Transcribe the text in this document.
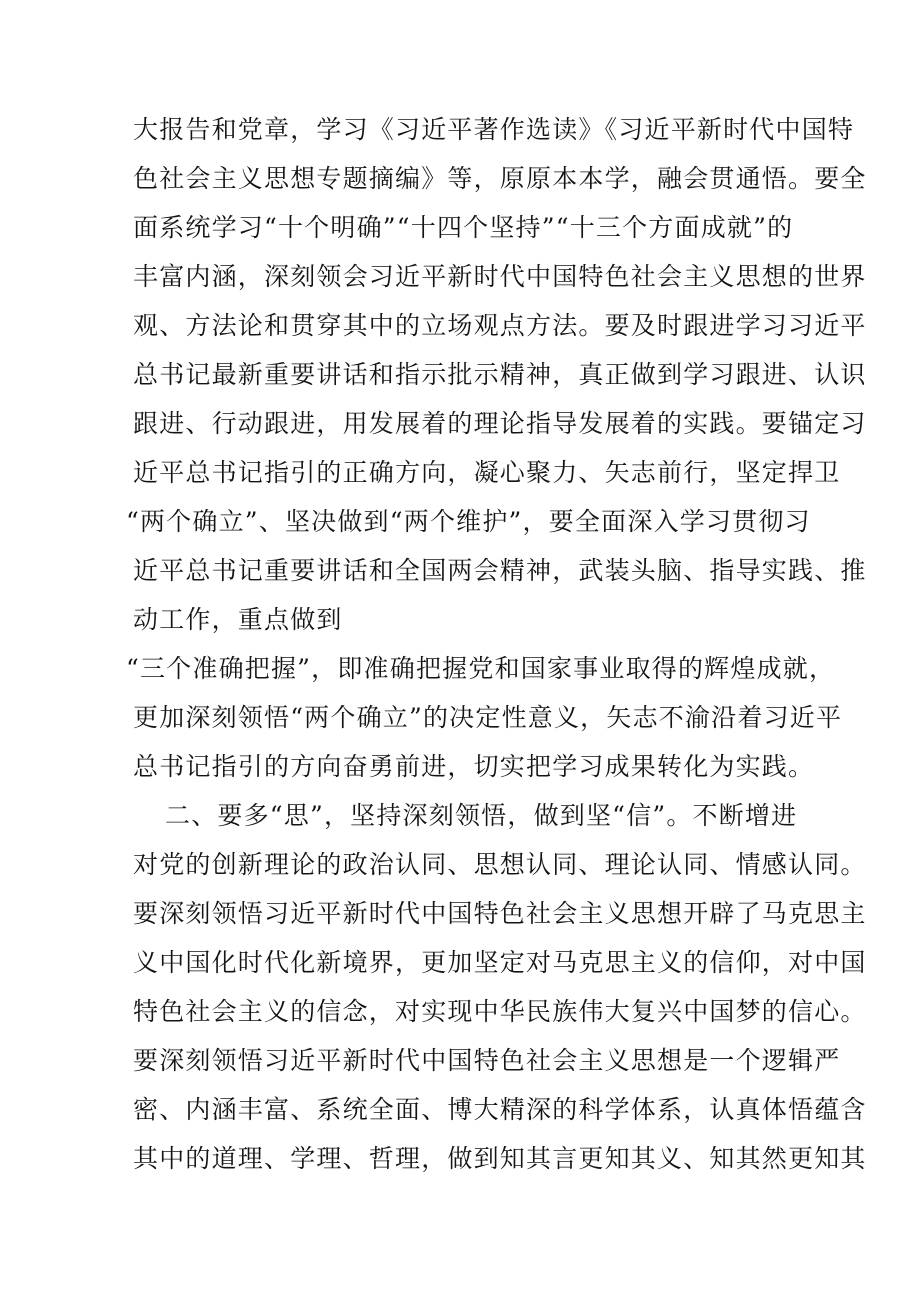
大报告和党章，学习《习近平著作选读》《习近平新时代中国特
色社会主义思想专题摘编》等，原原本本学，融会贯通悟。要全
面系统学习“十个明确”“十四个坚持”“十三个方面成就”的
丰富内涵，深刻领会习近平新时代中国特色社会主义思想的世界
观、方法论和贯穿其中的立场观点方法。要及时跟进学习习近平
总书记最新重要讲话和指示批示精神，真正做到学习跟进、认识
跟进、行动跟进，用发展着的理论指导发展着的实践。要锚定习
近平总书记指引的正确方向，凝心聚力、矢志前行，坚定捍卫
“两个确立”、坚决做到“两个维护”，要全面深入学习贯彻习
近平总书记重要讲话和全国两会精神，武装头脑、指导实践、推
动工作，重点做到
“三个准确把握”，即准确把握党和国家事业取得的辉煌成就，
更加深刻领悟“两个确立”的决定性意义，矢志不渝沿着习近平
总书记指引的方向奋勇前进，切实把学习成果转化为实践。
二、要多“思”，坚持深刻领悟，做到坚“信”。不断增进
对党的创新理论的政治认同、思想认同、理论认同、情感认同。
要深刻领悟习近平新时代中国特色社会主义思想开辟了马克思主
义中国化时代化新境界，更加坚定对马克思主义的信仰，对中国
特色社会主义的信念，对实现中华民族伟大复兴中国梦的信心。
要深刻领悟习近平新时代中国特色社会主义思想是一个逻辑严
密、内涵丰富、系统全面、博大精深的科学体系，认真体悟蕴含
其中的道理、学理、哲理，做到知其言更知其义、知其然更知其
